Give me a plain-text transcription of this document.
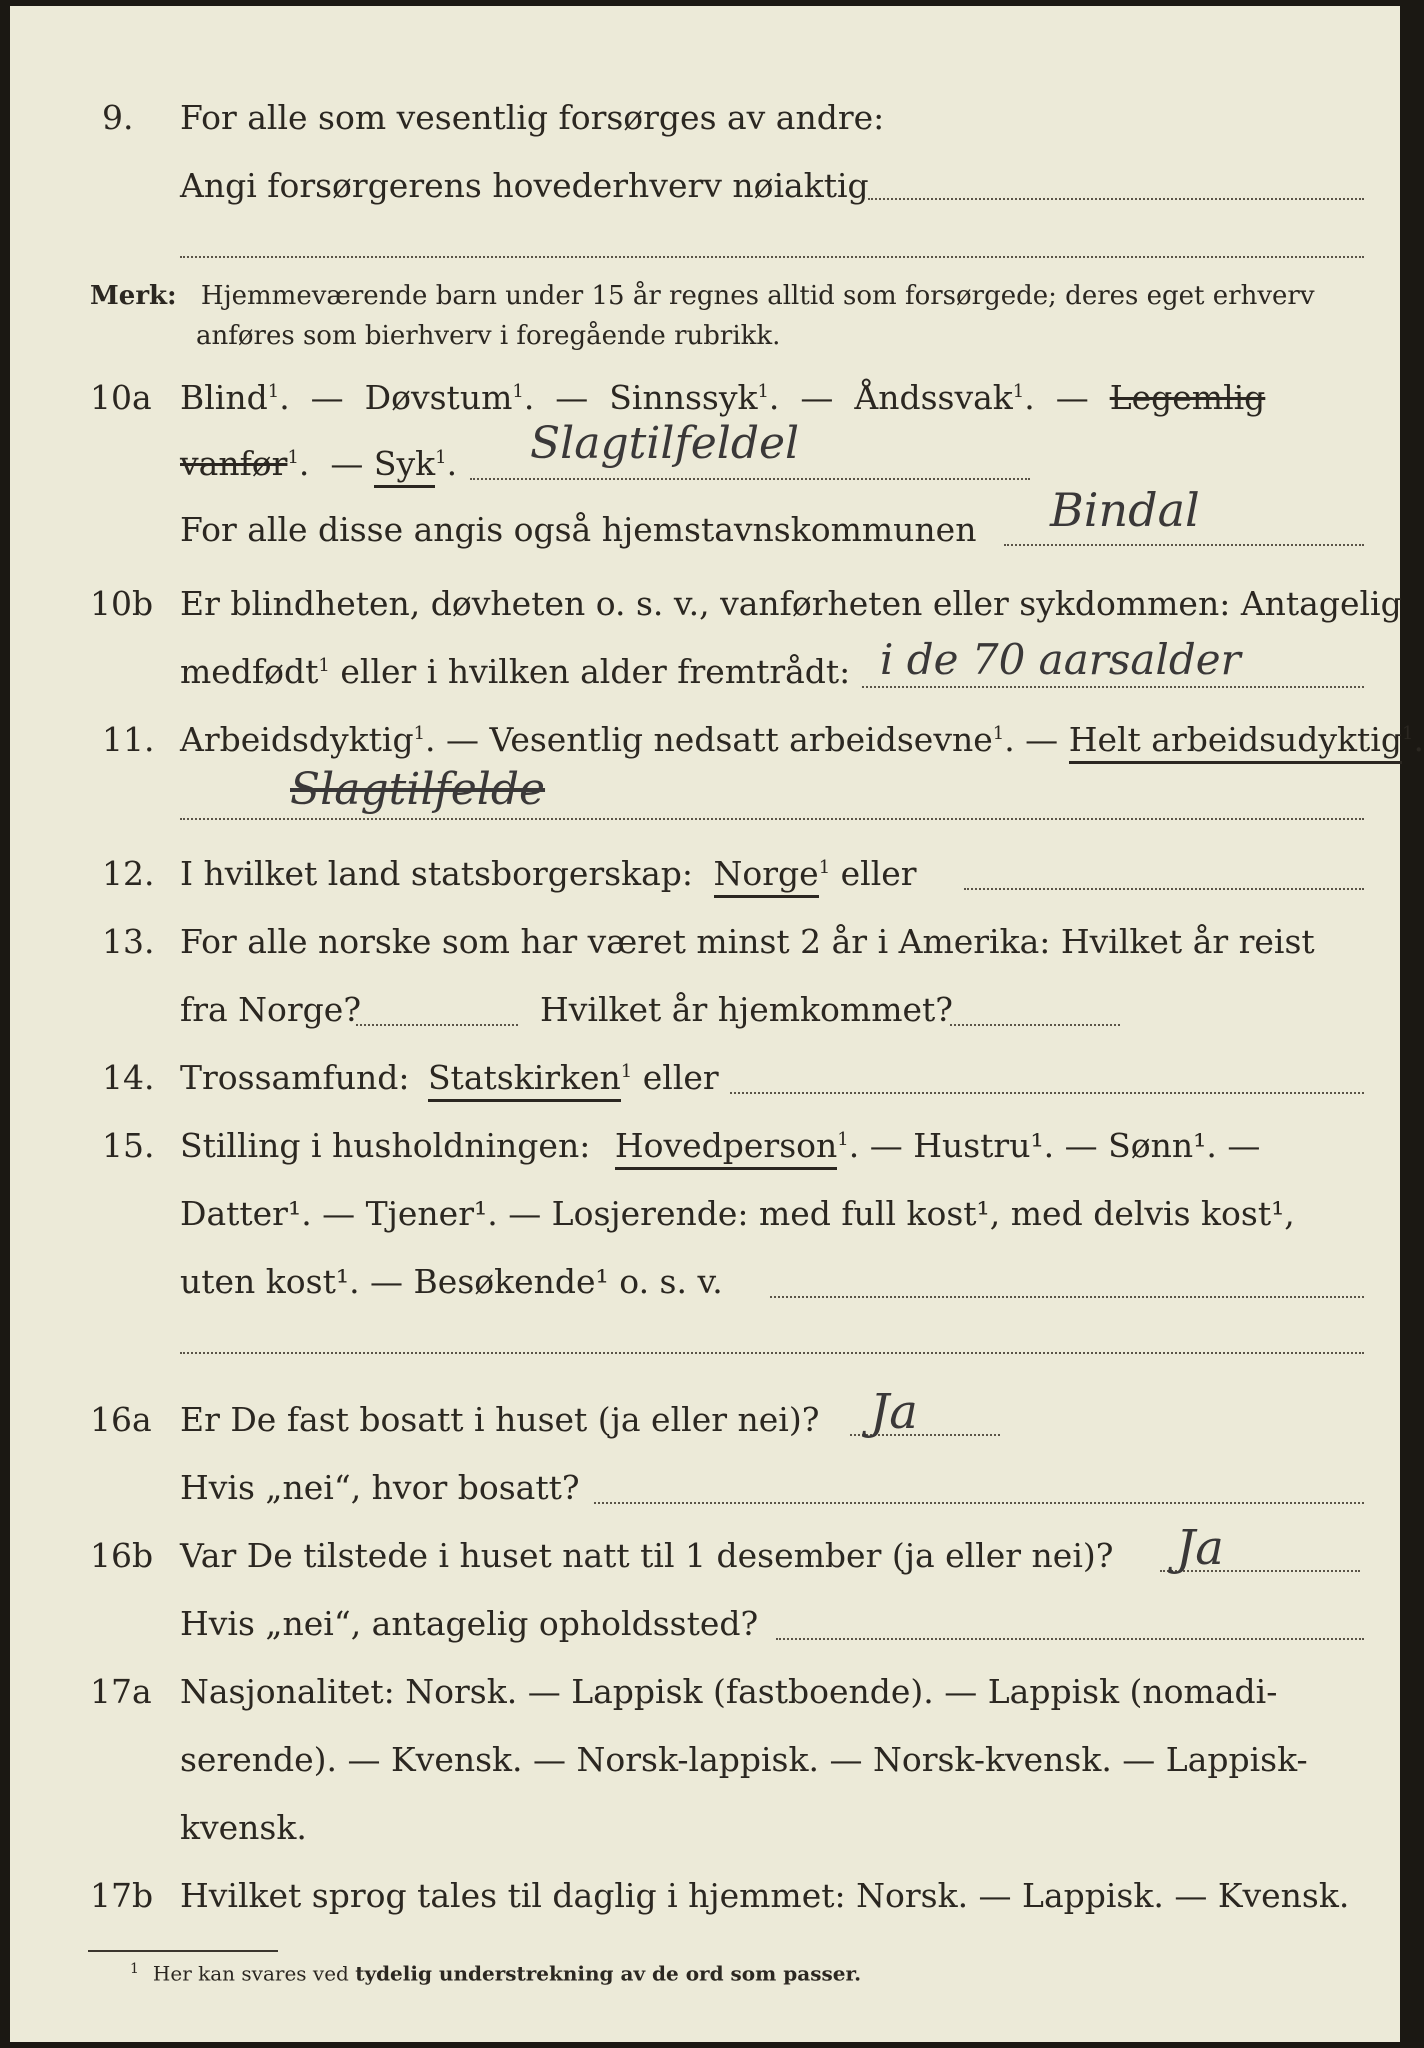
9. For alle som vesentlig forsørges av andre:
Angi forsørgerens hovederhverv nøiaktig
Merk: Hjemmeværende barn under 15 år regnes alltid som forsørgede; deres eget erhverv
anføres som bierhverv i foregående rubrikk.
10a Blind$^1$.  —  Døvstum$^1$.  —  Sinnssyk$^1$.  —  Åndssvak$^1$.  —  Legemlig
vanfør$^1$.  — Syk$^1$. Slagtilfeldel
For alle disse angis også hjemstavnskommunen Bindal
10b Er blindheten, døvheten o. s. v., vanførheten eller sykdommen: Antagelig
medfødt$^1$ eller i hvilken alder fremtrådt: i de 70 aarsalder
11. Arbeidsdyktig$^1$. — Vesentlig nedsatt arbeidsevne$^1$. — Helt arbeidsudyktig$^1$.
Slagtilfelde
12. I hvilket land statsborgerskap: Norge$^1$ eller
13. For alle norske som har været minst 2 år i Amerika: Hvilket år reist
fra Norge?	Hvilket år hjemkommet?
14. Trossamfund: Statskirken$^1$ eller
15. Stilling i husholdningen: Hovedperson$^1$. — Hustru¹. — Sønn¹. —
Datter¹. — Tjener¹. — Losjerende: med full kost¹, med delvis kost¹,
uten kost¹. — Besøkende¹ o. s. v.
16a Er De fast bosatt i huset (ja eller nei)? Ja
Hvis „nei“, hvor bosatt?
16b Var De tilstede i huset natt til 1 desember (ja eller nei)? Ja
Hvis „nei“, antagelig opholdssted?
17a Nasjonalitet: Norsk. — Lappisk (fastboende). — Lappisk (nomadi-
serende). — Kvensk. — Norsk-lappisk. — Norsk-kvensk. — Lappisk-
kvensk.
17b Hvilket sprog tales til daglig i hjemmet: Norsk. — Lappisk. — Kvensk.
$^1$ Her kan svares ved tydelig understrekning av de ord som passer.
